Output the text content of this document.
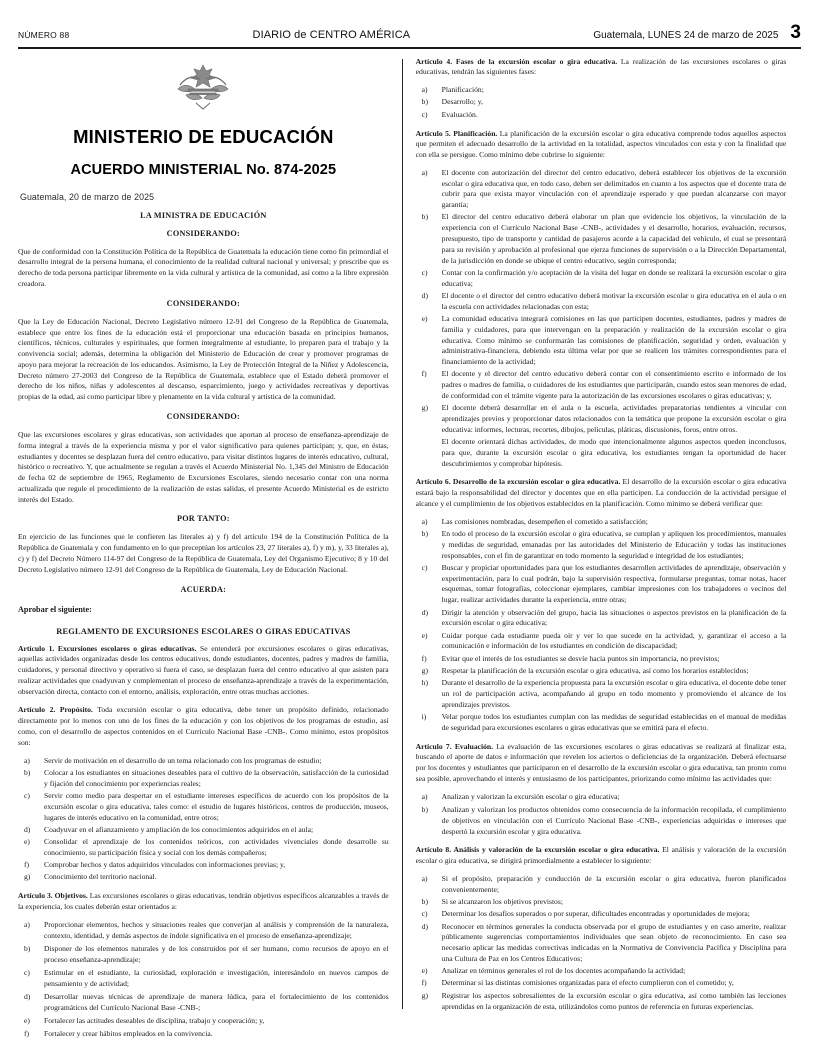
NÚMERO 88	DIARIO de CENTRO AMÉRICA	Guatemala, LUNES 24 de marzo de 2025 3
MINISTERIO DE EDUCACIÓN
ACUERDO MINISTERIAL No. 874-2025
Guatemala, 20 de marzo de 2025
LA MINISTRA DE EDUCACIÓN
CONSIDERANDO:

Que de conformidad con la Constitución Política de la República de Guatemala la educación tiene como fin primordial el desarrollo integral de la persona humana, el conocimiento de la realidad cultural nacional y universal; y prescribe que es derecho de toda persona participar libremente en la vida cultural y artística de la comunidad, así como a la libre expresión creadora.

CONSIDERANDO:

Que la Ley de Educación Nacional, Decreto Legislativo número 12-91 del Congreso de la República de Guatemala, establece que entre los fines de la educación está el proporcionar una educación basada en principios humanos, científicos, técnicos, culturales y espirituales, que formen integralmente al estudiante, lo preparen para el trabajo y la convivencia social; además, determina la obligación del Ministerio de Educación de crear y promover programas de apoyo para mejorar la recreación de los educandos. Asimismo, la Ley de Protección Integral de la Niñez y Adolescencia, Decreto número 27-2003 del Congreso de la República de Guatemala, establece que el Estado deberá promover el derecho de los niños, niñas y adolescentes al descanso, esparcimiento, juego y actividades recreativas y deportivas propias de la edad, así como participar libre y plenamente en la vida cultural y artística de la comunidad.

CONSIDERANDO:

Que las excursiones escolares y giras educativas, son actividades que aportan al proceso de enseñanza-aprendizaje de forma integral a través de la experiencia misma y por el valor significativo para quienes participan; y, que, en éstas, estudiantes y docentes se desplazan fuera del centro educativo, para visitar distintos lugares de interés educativo, cultural, histórico o recreativo. Y, que actualmente se regulan a través el Acuerdo Ministerial No. 1,345 del Ministro de Educación de fecha 02 de septiembre de 1965, Reglamento de Excursiones Escolares, siendo necesario contar con una norma actualizada que regule el procedimiento de la realización de estas salidas, el presente Acuerdo Ministerial es de estricto interés del Estado.

POR TANTO:

En ejercicio de las funciones que le confieren las literales a) y f) del artículo 194 de la Constitución Política de la República de Guatemala y con fundamento en lo que preceptúan los artículos 23, 27 literales a), f) y m), y, 33 literales a), c) y f) del Decreto Número 114-97 del Congreso de la República de Guatemala, Ley del Organismo Ejecutivo; 8 y 10 del Decreto Legislativo número 12-91 del Congreso de la República de Guatemala, Ley de Educación Nacional.

ACUERDA:
Aprobar el siguiente:
REGLAMENTO DE EXCURSIONES ESCOLARES O GIRAS EDUCATIVAS

Artículo 1. Excursiones escolares o giras educativas. Se entenderá por excursiones escolares o giras educativas, aquellas actividades organizadas desde los centros educativos, donde estudiantes, docentes, padres y madres de familia, cuidadores, y personal directivo y operativo si fuera el caso, se desplazan fuera del centro educativo al que asisten para realizar actividades que coadyuvan y complementan el proceso de enseñanza-aprendizaje a través de la experimentación, observación directa, contacto con el entorno, análisis, exploración, entre otras muchas acciones.

Artículo 2. Propósito. Toda excursión escolar o gira educativa, debe tener un propósito definido, relacionado directamente por lo menos con uno de los fines de la educación y con los objetivos de los programas de estudio, así como, con el desarrollo de aspectos contenidos en el Currículo Nacional Base -CNB-. Como mínimo, estos propósitos son:

a)	Servir de motivación en el desarrollo de un tema relacionado con los programas de estudio;
b)	Colocar a los estudiantes en situaciones deseables para el cultivo de la observación, satisfacción de la curiosidad y fijación del conocimiento por experiencias reales;
c)	Servir como medio para despertar en el estudiante intereses específicos de acuerdo con los propósitos de la excursión escolar o gira educativa, tales como: el estudio de lugares históricos, centros de producción, museos, lugares de interés educativo en la comunidad, entre otros;
d)	Coadyuvar en el afianzamiento y ampliación de los conocimientos adquiridos en el aula;
e)	Consolidar el aprendizaje de los contenidos teóricos, con actividades vivenciales donde desarrolle su conocimiento, su participación física y social con los demás compañeros;
f)	Comprobar hechos y datos adquiridos vinculados con informaciones previas; y,
g)	Conocimiento del territorio nacional.

Artículo 3. Objetivos. Las excursiones escolares o giras educativas, tendrán objetivos específicos alcanzables a través de la experiencia, los cuales deberán estar orientados a:

a)	Proporcionar elementos, hechos y situaciones reales que converjan al análisis y comprensión de la naturaleza, contexto, identidad, y demás aspectos de índole significativa en el proceso de enseñanza-aprendizaje;
b)	Disponer de los elementos naturales y de los construidos por el ser humano, como recursos de apoyo en el proceso enseñanza-aprendizaje;
c)	Estimular en el estudiante, la curiosidad, exploración e investigación, interesándolo en nuevos campos de pensamiento y de actividad;
d)	Desarrollar nuevas técnicas de aprendizaje de manera lúdica, para el fortalecimiento de los contenidos programáticos del Currículo Nacional Base -CNB-;
e)	Fortalecer las actitudes deseables de disciplina, trabajo y cooperación; y,
f)	Fortalecer y crear hábitos empleados en la convivencia.

Artículo 4. Fases de la excursión escolar o gira educativa. La realización de las excursiones escolares o giras educativas, tendrán las siguientes fases:

a)	Planificación;
b)	Desarrollo; y,
c)	Evaluación.

Artículo 5. Planificación. La planificación de la excursión escolar o gira educativa comprende todos aquellos aspectos que permiten el adecuado desarrollo de la actividad en la totalidad, aspectos vinculados con esta y con la finalidad que con ella se persigue. Como mínimo debe cubrirse lo siguiente:

a)	El docente con autorización del director del centro educativo, deberá establecer los objetivos de la excursión escolar o gira educativa que, en todo caso, deben ser delimitados en cuanto a los aspectos que el docente trata de cubrir para que exista mayor vinculación con el aprendizaje esperado y que puedan alcanzarse con mayor garantía;
b)	El director del centro educativo deberá elaborar un plan que evidencie los objetivos, la vinculación de la experiencia con el Currículo Nacional Base -CNB-, actividades y el desarrollo, horarios, evaluación, recursos, presupuesto, tipo de transporte y cantidad de pasajeros acorde a la capacidad del vehículo, el cual se presentará para su revisión y aprobación al profesional que ejerza funciones de supervisión o a la Dirección Departamental, de la jurisdicción en donde se ubique el centro educativo, según corresponda;
c)	Contar con la confirmación y/o aceptación de la visita del lugar en donde se realizará la excursión escolar o gira educativa;
d)	El docente o el director del centro educativo deberá motivar la excursión escolar o gira educativa en el aula o en la escuela con actividades relacionadas con esta;
e)	La comunidad educativa integrará comisiones en las que participen docentes, estudiantes, padres y madres de familia y cuidadores, para que intervengan en la preparación y realización de la excursión escolar o gira educativa. Como mínimo se conformarán las comisiones de planificación, seguridad y orden, evaluación y administrativa-financiera, debiendo esta última velar por que se realicen los trámites correspondientes para el financiamiento de la actividad;
f)	El docente y el director del centro educativo deberá contar con el consentimiento escrito e informado de los padres o madres de familia, o cuidadores de los estudiantes que participarán, cuando estos sean menores de edad, de conformidad con el trámite vigente para la autorización de las excursiones escolares o giras educativas; y,
g)	El docente deberá desarrollar en el aula o la escuela, actividades preparatorias tendientes a vincular con aprendizajes previos y proporcionar datos relacionados con la temática que propone la excursión escolar o gira educativa: informes, lecturas, recortes, dibujos, películas, pláticas, discusiones, foros, entre otros.
El docente orientará dichas actividades, de modo que intencionalmente algunos aspectos queden inconclusos, para que, durante la excursión escolar o gira educativa, los estudiantes tengan la oportunidad de hacer descubrimientos y comprobar hipótesis.

Artículo 6. Desarrollo de la excursión escolar o gira educativa. El desarrollo de la excursión escolar o gira educativa estará bajo la responsabilidad del director y docentes que en ella participen. La conducción de la actividad persigue el alcance y el cumplimiento de los objetivos establecidos en la planificación. Como mínimo se deberá verificar que:

a)	Las comisiones nombradas, desempeñen el cometido a satisfacción;
b)	En todo el proceso de la excursión escolar o gira educativa, se cumplan y apliquen los procedimientos, manuales y medidas de seguridad, emanadas por las autoridades del Ministerio de Educación y todas las instituciones responsables, con el fin de garantizar en todo momento la seguridad e integridad de los estudiantes;
c)	Buscar y propiciar oportunidades para que los estudiantes desarrollen actividades de aprendizaje, observación y experimentación, para lo cual podrán, bajo la supervisión respectiva, formularse preguntas, tomar notas, hacer esquemas, tomar fotografías, coleccionar ejemplares, cambiar impresiones con los trabajadores o vecinos del lugar, realizar actividades durante la experiencia, entre otras;
d)	Dirigir la atención y observación del grupo, hacia las situaciones o aspectos previstos en la planificación de la excursión escolar o gira educativa;
e)	Cuidar porque cada estudiante pueda oír y ver lo que sucede en la actividad, y, garantizar el acceso a la comunicación e información de los estudiantes en condición de discapacidad;
f)	Evitar que el interés de los estudiantes se desvíe hacia puntos sin importancia, no previstos;
g)	Respetar la planificación de la excursión escolar o gira educativa, así como los horarios establecidos;
h)	Durante el desarrollo de la experiencia propuesta para la excursión escolar o gira educativa, el docente debe tener un rol de participación activa, acompañando al grupo en todo momento y promoviendo el alcance de los aprendizajes previstos.
i)	Velar porque todos los estudiantes cumplan con las medidas de seguridad establecidas en el manual de medidas de seguridad para excursiones escolares o giras educativas que se emitirá para el efecto.

Artículo 7. Evaluación. La evaluación de las excursiones escolares o giras educativas se realizará al finalizar esta, buscando el aporte de datos e información que revelen los aciertos o deficiencias de la organización. Deberá efectuarse por los docentes y estudiantes que participaron en el desarrollo de la excursión escolar o gira educativa, tan pronto como sea posible, aprovechando el interés y entusiasmo de los participantes, priorizando como mínimo las actividades que:

a)	Analizan y valorizan la excursión escolar o gira educativa;
b)	Analizan y valorizan los productos obtenidos como consecuencia de la información recopilada, el cumplimiento de objetivos en vinculación con el Currículo Nacional Base -CNB-, experiencias adquiridas e intereses que despertó la excursión escolar y gira educativa.

Artículo 8. Análisis y valoración de la excursión escolar o gira educativa. El análisis y valoración de la excursión escolar o gira educativa, se dirigirá primordialmente a establecer lo siguiente:

a)	Si el propósito, preparación y conducción de la excursión escolar o gira educativa, fueron planificados convenientemente;
b)	Si se alcanzaron los objetivos previstos;
c)	Determinar los desafíos superados o por superar, dificultades encontradas y oportunidades de mejora;
d)	Reconocer en términos generales la conducta observada por el grupo de estudiantes y en caso amerite, realizar públicamente sugerencias comportamientos individuales que sean objeto de reconocimiento. En caso sea necesario aplicar las medidas correctivas indicadas en la Normativa de Convivencia Pacífica y Disciplina para una Cultura de Paz en los Centros Educativos;
e)	Analizar en términos generales el rol de los docentes acompañando la actividad;
f)	Determinar si las distintas comisiones organizadas para el efecto cumplieron con el cometido; y,
g)	Registrar los aspectos sobresalientes de la excursión escolar o gira educativa, así como también las lecciones aprendidas en la organización de esta, utilizándolos como puntos de referencia en futuras experiencias.
